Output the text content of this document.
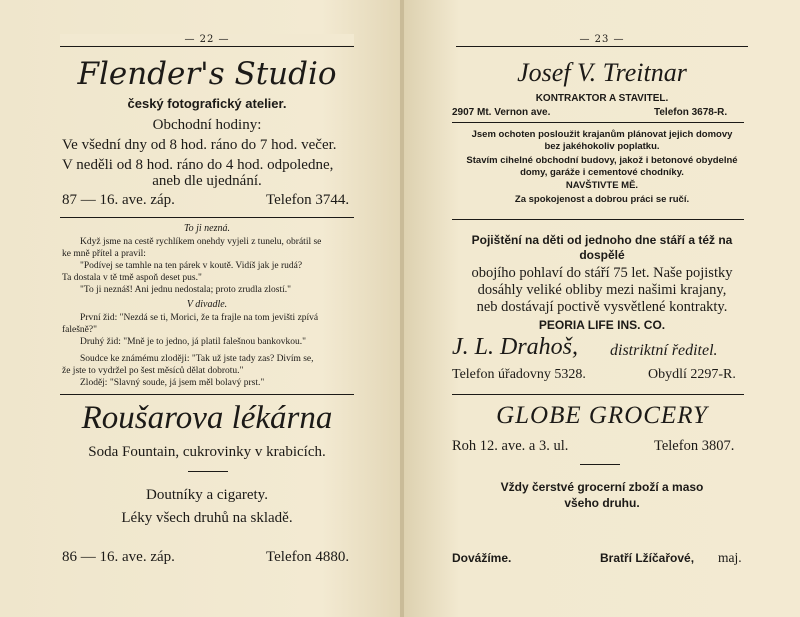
— 22 —
Flender's Studio
český fotografický atelier.
Obchodní hodiny:
Ve všední dny od 8 hod. ráno do 7 hod. večer.
V neděli od 8 hod. ráno do 4 hod. odpoledne,
aneb dle ujednání.
87 — 16. ave. záp.	Telefon 3744.
To ji nezná.
Když jsme na cestě rychlíkem onehdy vyjeli z tunelu, obrátil se
ke mně přítel a pravil:
"Podívej se tamhle na ten párek v koutě. Vidíš jak je rudá?
Ta dostala v tě tmě aspoň deset pus."
"To ji neznáš! Ani jednu nedostala; proto zrudla zlostí."
V divadle.
První žid: "Nezdá se ti, Morici, že ta frajle na tom jevišti zpívá
falešně?"
Druhý žid: "Mně je to jedno, já platil falešnou bankovkou."
Soudce ke známému zloději: "Tak už jste tady zas? Divím se,
že jste to vydržel po šest měsíců dělat dobrotu."
Zloděj: "Slavný soude, já jsem měl bolavý prst."
Roušarova lékárna
Soda Fountain, cukrovinky v krabicích.
Doutníky a cigarety.
Léky všech druhů na skladě.
86 — 16. ave. záp.	Telefon 4880.
— 23 —
Josef V. Treitnar
KONTRAKTOR A STAVITEL.
2907 Mt. Vernon ave.	Telefon 3678-R.
Jsem ochoten posloužit krajanům plánovat jejich domovy
bez jakéhokoliv poplatku.
Stavím cihelné obchodní budovy, jakož i betonové obydelné
domy, garáže i cementové chodníky.
NAVŠTIVTE MĚ.
Za spokojenost a dobrou práci se ručí.
Pojištění na děti od jednoho dne stáří a též na
dospělé
obojího pohlaví do stáří 75 let. Naše pojistky
dosáhly veliké obliby mezi našimi krajany,
neb dostávají poctivě vysvětlené kontrakty.
PEORIA LIFE INS. CO.
J. L. Drahoš, distriktní ředitel.
Telefon úřadovny 5328.	Obydlí 2297-R.
GLOBE GROCERY
Roh 12. ave. a 3. ul.	Telefon 3807.
Vždy čerstvé grocerní zboží a maso
všeho druhu.
Dovážíme.	Bratří Lžíčařové, maj.
